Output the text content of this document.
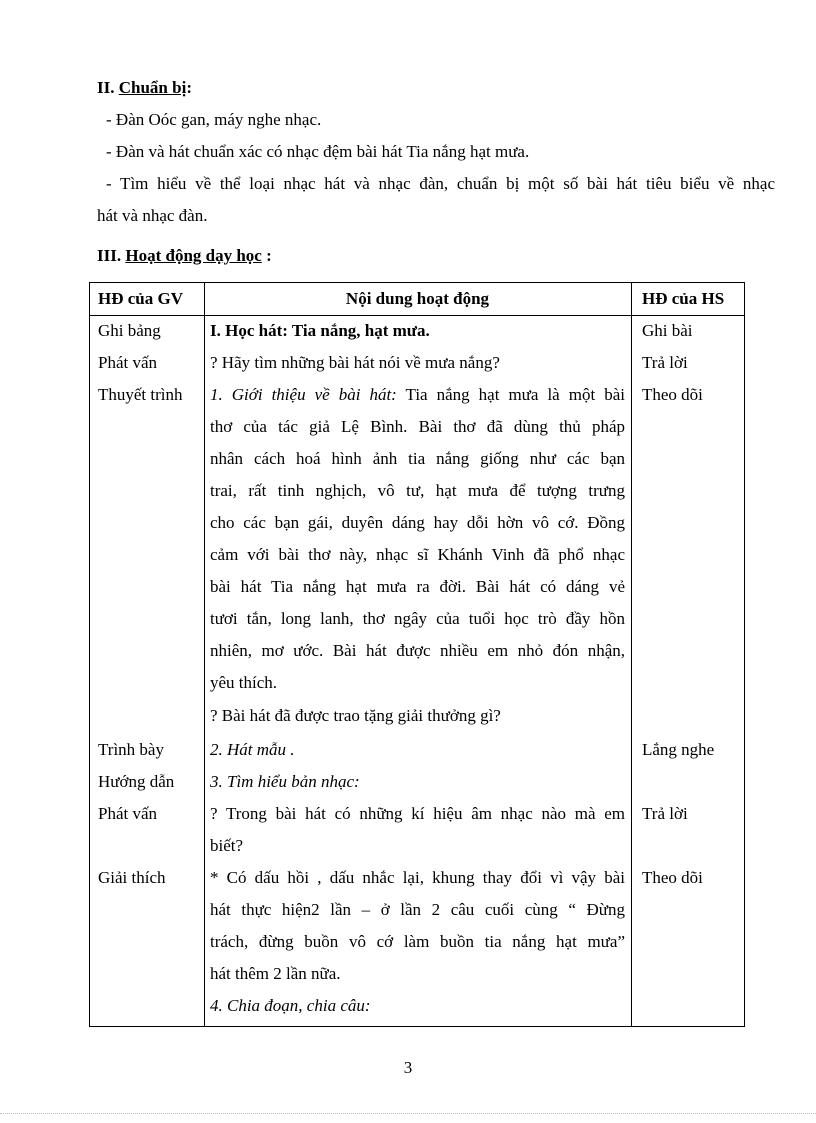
II. Chuẩn bị:
- Đàn Oóc gan, máy nghe nhạc.
- Đàn và hát chuẩn xác có nhạc đệm bài hát Tia nắng hạt mưa.
- Tìm hiểu về thể loại nhạc hát và nhạc đàn, chuẩn bị một số bài hát tiêu biểu về nhạc
hát và nhạc đàn.
III. Hoạt động dạy học :
HĐ của GV	Nội dung hoạt động	HĐ của HS
Ghi bảng
Phát vấn
Thuyết trình
Trình bày
Hướng dẫn
Phát vấn
Giải thích
Ghi bài
Trả lời
Theo dõi
Lắng nghe
Trả lời
Theo dõi
I. Học hát: Tia nắng, hạt mưa.
? Hãy tìm những bài hát nói về mưa nắng?
1. Giới thiệu về bài hát: Tia nắng hạt mưa là một bài
thơ của tác giả Lệ Bình. Bài thơ đã dùng thủ pháp
nhân cách hoá hình ảnh tia nắng giống như các bạn
trai, rất tinh nghịch, vô tư, hạt mưa để tượng trưng
cho các bạn gái, duyên dáng hay dỗi hờn vô cớ. Đồng
cảm với bài thơ này, nhạc sĩ Khánh Vinh đã phổ nhạc
bài hát Tia nắng hạt mưa ra đời. Bài hát có dáng vẻ
tươi tắn, long lanh, thơ ngây của tuổi học trò đầy hồn
nhiên, mơ ước. Bài hát được nhiều em nhỏ đón nhận,
yêu thích.
? Bài hát đã được trao tặng giải thưởng gì?
2. Hát mẫu .
3. Tìm hiểu bản nhạc:
? Trong bài hát có những kí hiệu âm nhạc nào mà em
biết?
* Có dấu hồi , dấu nhắc lại, khung thay đổi vì vậy bài
hát thực hiện2 lần – ở lần 2 câu cuối cùng “ Đừng
trách, đừng buồn vô cớ làm buồn tia nắng hạt mưa”
hát thêm 2 lần nữa.
4. Chia đoạn, chia câu:
3
